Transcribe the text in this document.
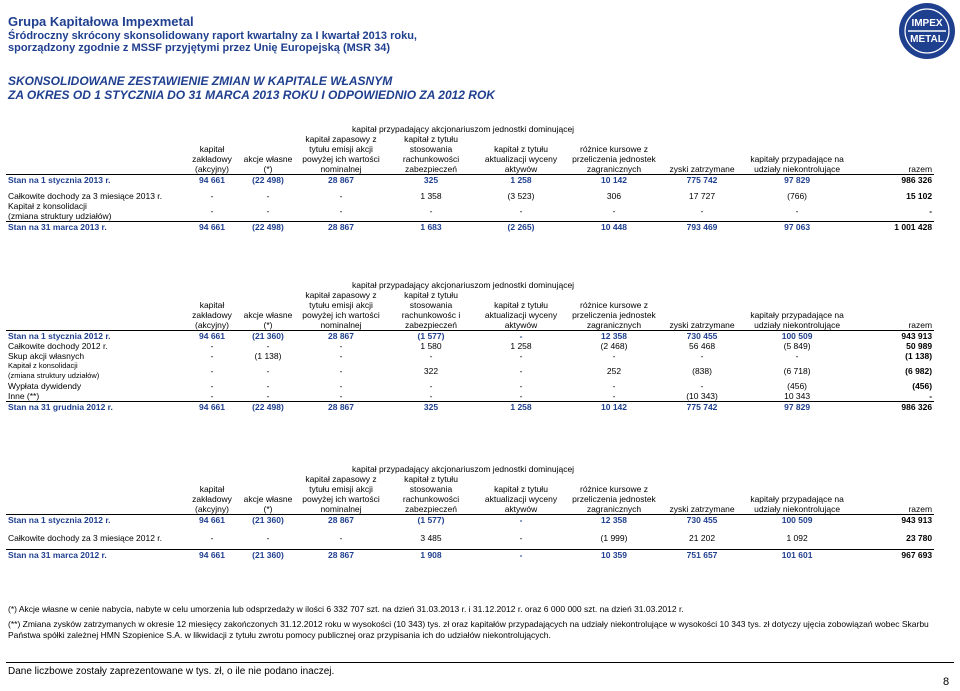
Grupa Kapitałowa Impexmetal
Śródroczny skrócony skonsolidowany raport kwartalny za I kwartał 2013 roku,
sporządzony zgodnie z MSSF przyjętymi przez Unię Europejską (MSR 34)
IMPEX
METAL
SKONSOLIDOWANE ZESTAWIENIE ZMIAN W KAPITALE WŁASNYM
ZA OKRES OD 1 STYCZNIA DO 31 MARCA 2013 ROKU I ODPOWIEDNIO ZA 2012 ROK
	kapitał przypadający akcjonariuszom jednostki dominującej								
	kapitał zakładowy (akcyjny)	akcje własne (*)	kapitał zapasowy z tytułu emisji akcji powyżej ich wartości nominalnej	kapitał z tytułu stosowania rachunkowości zabezpieczeń	kapitał z tytułu aktualizacji wyceny aktywów	różnice kursowe z przeliczenia jednostek zagranicznych	zyski zatrzymane	kapitały przypadające na udziały niekontrolujące	razem
Stan na 1 stycznia 2013 r.	94 661	(22 498)	28 867	325	1 258	10 142	775 742	97 829	986 326

Całkowite dochody za 3 miesiące 2013 r.	-	-	-	1 358	(3 523)	306	17 727	(766)	15 102
Kapitał z konsolidacji
(zmiana struktury udziałów)	-	-	-	-	-	-	-	-	-
Stan na 31 marca 2013 r.	94 661	(22 498)	28 867	1 683	(2 265)	10 448	793 469	97 063	1 001 428
	kapitał przypadający akcjonariuszom jednostki dominującej								
	kapitał zakładowy (akcyjny)	akcje własne (*)	kapitał zapasowy z tytułu emisji akcji powyżej ich wartości nominalnej	kapitał z tytułu stosowania rachunkowośc i zabezpieczeń	kapitał z tytułu aktualizacji wyceny aktywów	różnice kursowe z przeliczenia jednostek zagranicznych	zyski zatrzymane	kapitały przypadające na udziały niekontrolujące	razem
Stan na 1 stycznia 2012 r.	94 661	(21 360)	28 867	(1 577)	-	12 358	730 455	100 509	943 913
Całkowite dochody 2012 r.	-	-	-	1 580	1 258	(2 468)	56 468	(5 849)	50 989
Skup akcji własnych	-	(1 138)	-	-	-	-	-	-	(1 138)
Kapitał z konsolidacji
(zmiana struktury udziałów)	-	-	-	322	-	252	(838)	(6 718)	(6 982)
Wypłata dywidendy	-	-	-	-	-	-	-	(456)	(456)
Inne (**)	-	-	-	-	-	-	(10 343)	10 343	-
Stan na 31 grudnia 2012 r.	94 661	(22 498)	28 867	325	1 258	10 142	775 742	97 829	986 326
	kapitał przypadający akcjonariuszom jednostki dominującej								
	kapitał zakładowy (akcyjny)	akcje własne (*)	kapitał zapasowy z tytułu emisji akcji powyżej ich wartości nominalnej	kapitał z tytułu stosowania rachunkowości zabezpieczeń	kapitał z tytułu aktualizacji wyceny aktywów	różnice kursowe z przeliczenia jednostek zagranicznych	zyski zatrzymane	kapitały przypadające na udziały niekontrolujące	razem
Stan na 1 stycznia 2012 r.	94 661	(21 360)	28 867	(1 577)	-	12 358	730 455	100 509	943 913

Całkowite dochody za 3 miesiące 2012 r.	-	-	-	3 485	-	(1 999)	21 202	1 092	23 780

Stan na 31 marca 2012 r.	94 661	(21 360)	28 867	1 908	-	10 359	751 657	101 601	967 693
(*) Akcje własne w cenie nabycia, nabyte w celu umorzenia lub odsprzedaży w ilości 6 332 707 szt. na dzień 31.03.2013 r. i 31.12.2012 r. oraz 6 000 000 szt. na dzień 31.03.2012 r.
(**) Zmiana zysków zatrzymanych w okresie 12 miesięcy zakończonych 31.12.2012 roku w wysokości (10 343) tys. zł oraz kapitałów przypadających na udziały niekontrolujące w wysokości 10 343 tys. zł dotyczy ujęcia zobowiązań wobec Skarbu Państwa spółki zależnej HMN Szopienice S.A. w likwidacji z tytułu zwrotu pomocy publicznej oraz przypisania ich do udziałów niekontrolujących.
Dane liczbowe zostały zaprezentowane w tys. zł, o ile nie podano inaczej.
8
